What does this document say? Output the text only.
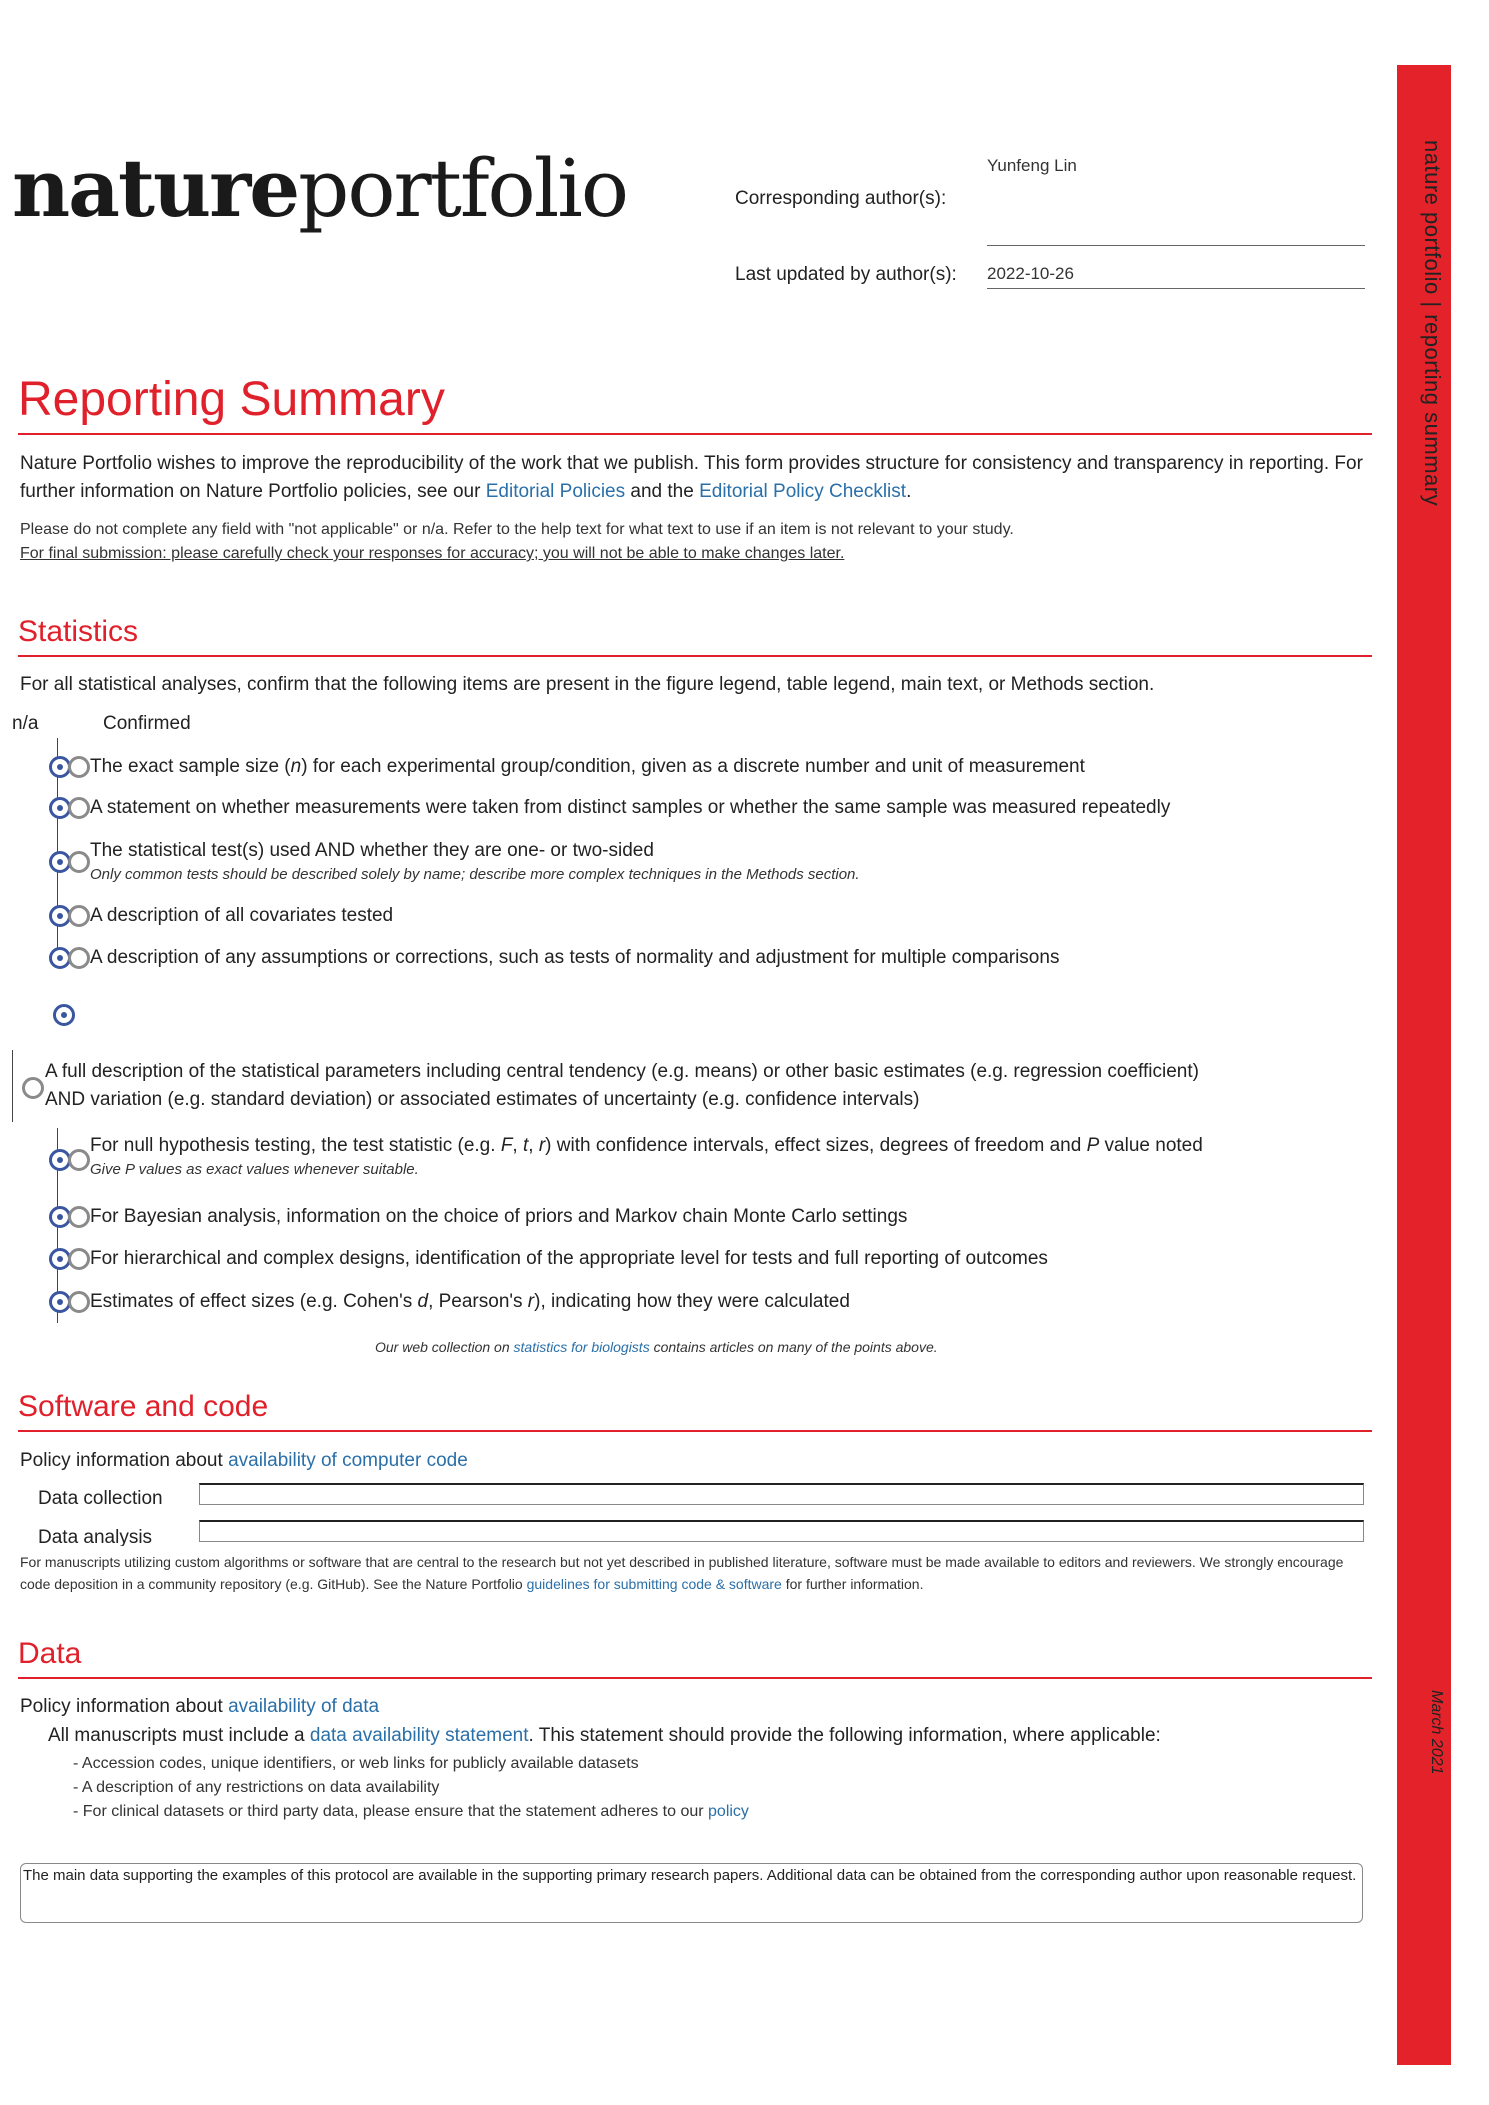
nature portfolio | reporting summary
March 2021
natureportfolio	Yunfeng Lin
Corresponding author(s):
Last updated by author(s): 2022-10-26
Reporting Summary
Nature Portfolio wishes to improve the reproducibility of the work that we publish. This form provides structure for consistency and transparency in reporting. For further information on Nature Portfolio policies, see our Editorial Policies and the Editorial Policy Checklist.
Please do not complete any field with "not applicable" or n/a. Refer to the help text for what text to use if an item is not relevant to your study.
For final submission: please carefully check your responses for accuracy; you will not be able to make changes later.
Statistics
For all statistical analyses, confirm that the following items are present in the figure legend, table legend, main text, or Methods section.
n/a	Confirmed
The exact sample size (n) for each experimental group/condition, given as a discrete number and unit of measurement
A statement on whether measurements were taken from distinct samples or whether the same sample was measured repeatedly
The statistical test(s) used AND whether they are one- or two-sided
Only common tests should be described solely by name; describe more complex techniques in the Methods section.
A description of all covariates tested
A description of any assumptions or corrections, such as tests of normality and adjustment for multiple comparisons
A full description of the statistical parameters including central tendency (e.g. means) or other basic estimates (e.g. regression coefficient)
AND variation (e.g. standard deviation) or associated estimates of uncertainty (e.g. confidence intervals)
For null hypothesis testing, the test statistic (e.g. F, t, r) with confidence intervals, effect sizes, degrees of freedom and P value noted
Give P values as exact values whenever suitable.
For Bayesian analysis, information on the choice of priors and Markov chain Monte Carlo settings
For hierarchical and complex designs, identification of the appropriate level for tests and full reporting of outcomes
Estimates of effect sizes (e.g. Cohen's d, Pearson's r), indicating how they were calculated
Our web collection on statistics for biologists contains articles on many of the points above.
Software and code
Policy information about availability of computer code
Data collection
Data analysis
For manuscripts utilizing custom algorithms or software that are central to the research but not yet described in published literature, software must be made available to editors and reviewers. We strongly encourage code deposition in a community repository (e.g. GitHub). See the Nature Portfolio guidelines for submitting code & software for further information.
Data
Policy information about availability of data
All manuscripts must include a data availability statement. This statement should provide the following information, where applicable:
- Accession codes, unique identifiers, or web links for publicly available datasets
- A description of any restrictions on data availability
- For clinical datasets or third party data, please ensure that the statement adheres to our policy
The main data supporting the examples of this protocol are available in the supporting primary research papers. Additional data can be obtained from the corresponding author upon reasonable request.
